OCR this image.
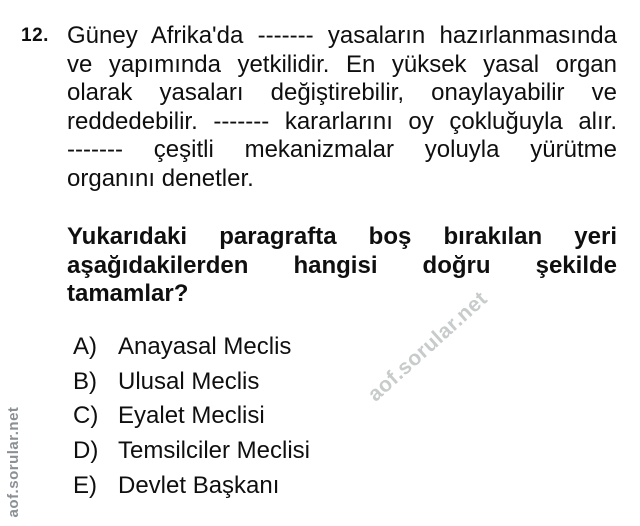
12. Güney Afrika'da ------- yasaların hazırlanmasında
ve yapımında yetkilidir. En yüksek yasal organ
olarak yasaları değiştirebilir, onaylayabilir ve
reddedebilir. ------- kararlarını oy çokluğuyla alır.
------- çeşitli mekanizmalar yoluyla yürütme
organını denetler.
Yukarıdaki paragrafta boş bırakılan yeri
aşağıdakilerden hangisi doğru şekilde
tamamlar?
A) Anayasal Meclis
B) Ulusal Meclis
C) Eyalet Meclisi
D) Temsilciler Meclisi
E) Devlet Başkanı
aof.sorular.net
aof.sorular.net
